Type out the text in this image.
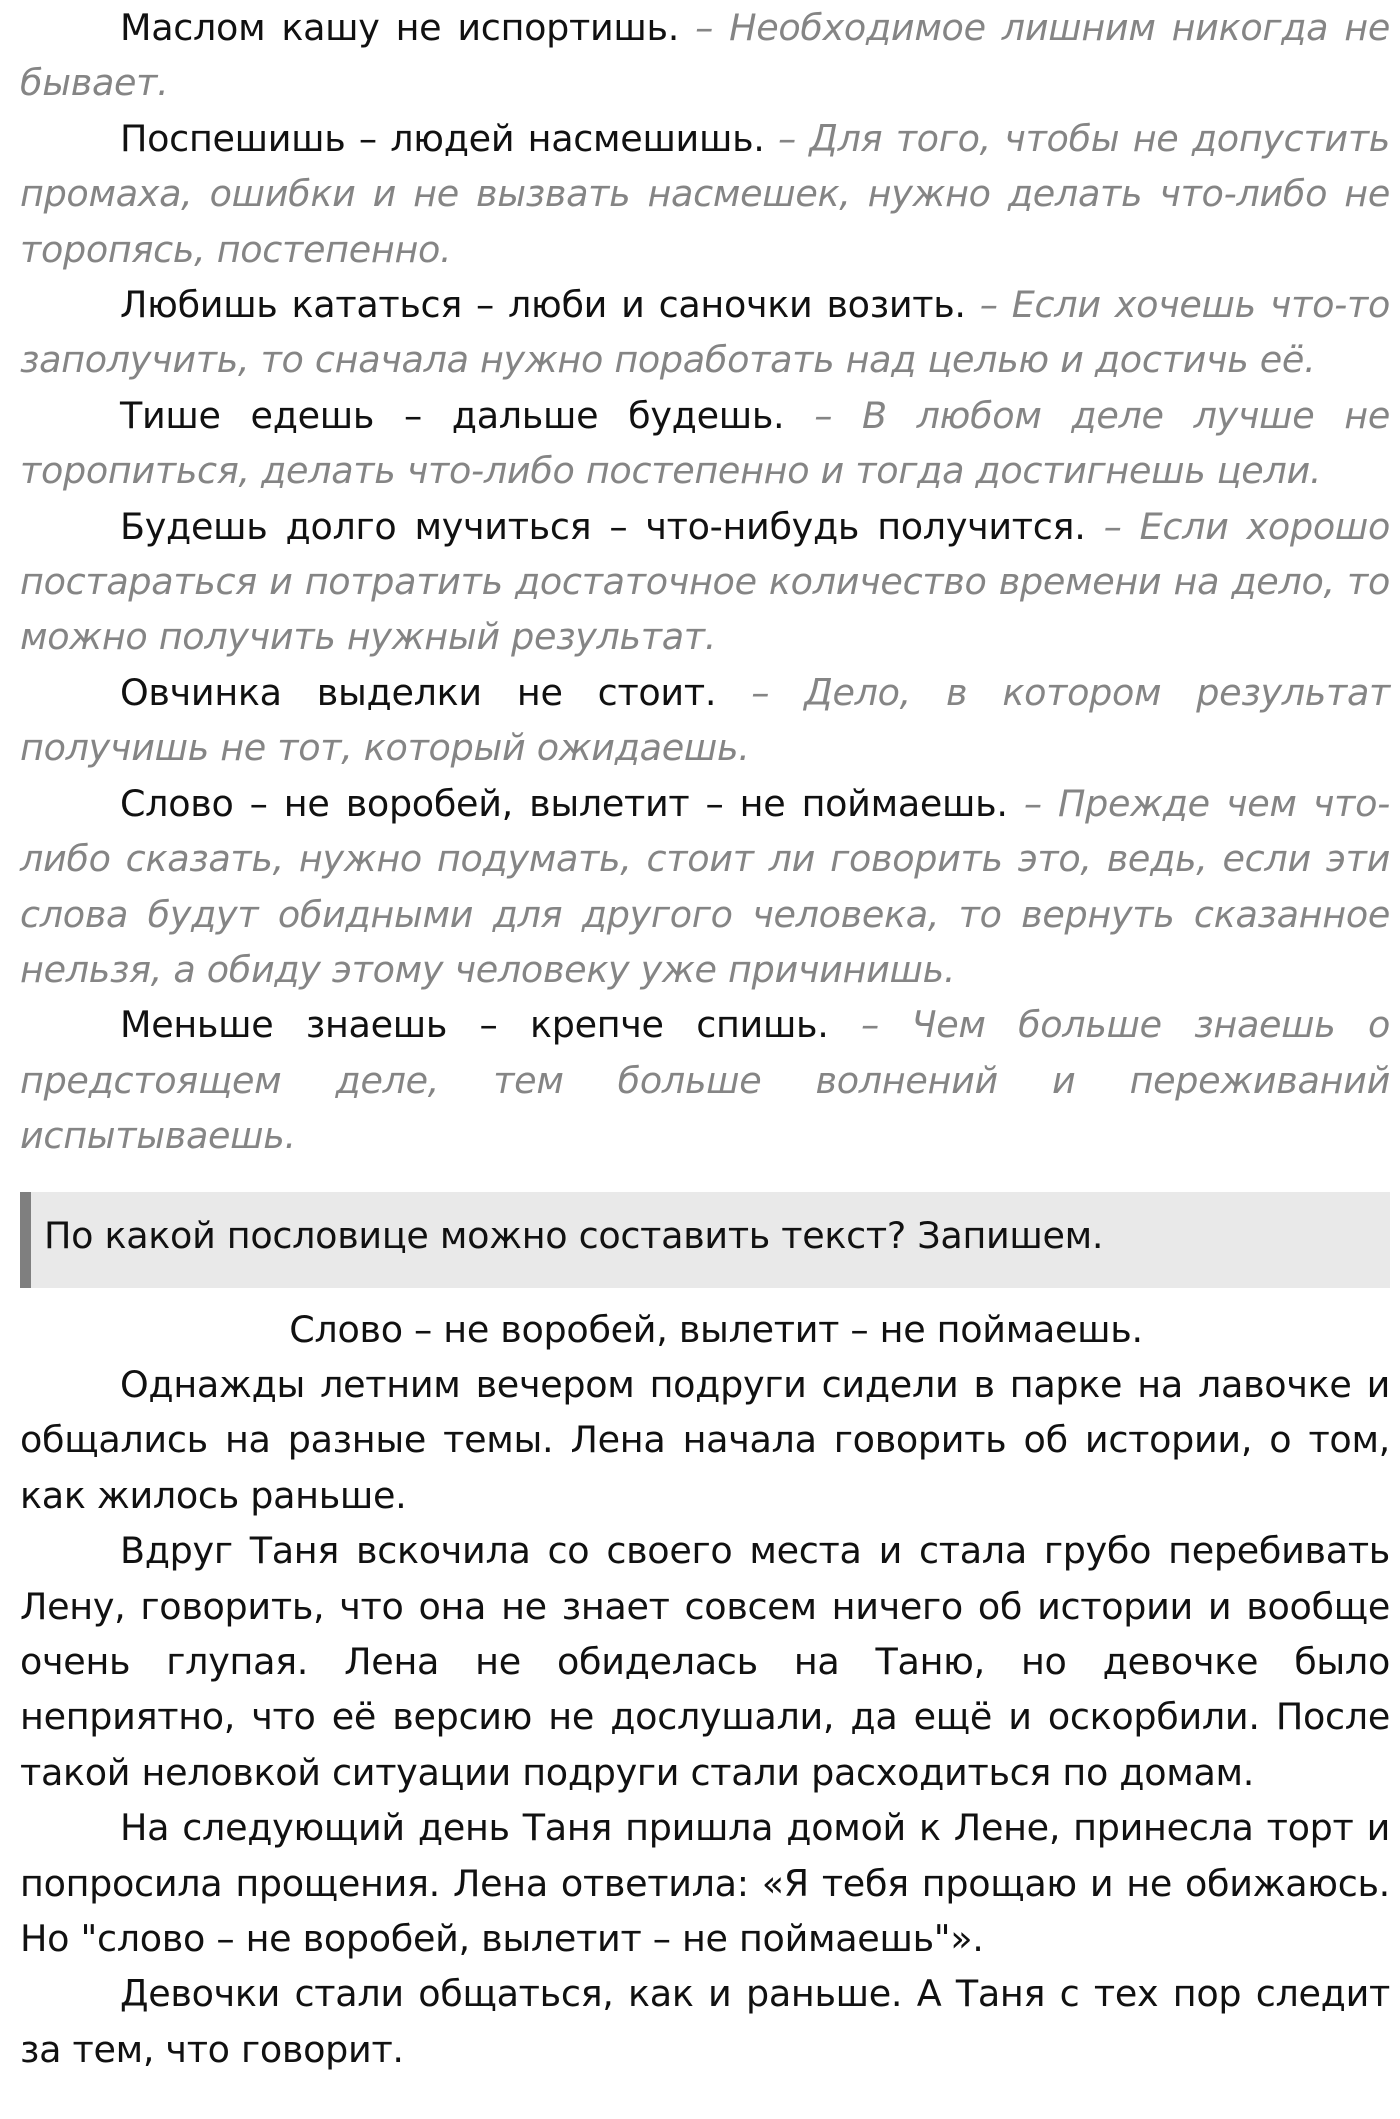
Маслом кашу не испортишь. – Необходимое лишним никогда не бывает.

Поспешишь – людей насмешишь. – Для того, чтобы не допустить промаха, ошибки и не вызвать насмешек, нужно делать что-либо не торопясь, постепенно.

Любишь кататься – люби и саночки возить. – Если хочешь что-то заполучить, то сначала нужно поработать над целью и достичь её.

Тише едешь – дальше будешь. – В любом деле лучше не торопиться, делать что-либо постепенно и тогда достигнешь цели.

Будешь долго мучиться – что-нибудь получится. – Если хорошо постараться и потратить достаточное количество времени на дело, то можно получить нужный результат.

Овчинка выделки не стоит. – Дело, в котором результат получишь не тот, который ожидаешь.

Слово – не воробей, вылетит – не поймаешь. – Прежде чем что-либо сказать, нужно подумать, стоит ли говорить это, ведь, если эти слова будут обидными для другого человека, то вернуть сказанное нельзя, а обиду этому человеку уже причинишь.

Меньше знаешь – крепче спишь. – Чем больше знаешь о предстоящем деле, тем больше волнений и переживаний испытываешь.

По какой пословице можно составить текст? Запишем.
Слово – не воробей, вылетит – не поймаешь.

Однажды летним вечером подруги сидели в парке на лавочке и общались на разные темы. Лена начала говорить об истории, о том, как жилось раньше.

Вдруг Таня вскочила со своего места и стала грубо перебивать Лену, говорить, что она не знает совсем ничего об истории и вообще очень глупая. Лена не обиделась на Таню, но девочке было неприятно, что её версию не дослушали, да ещё и оскорбили. После такой неловкой ситуации подруги стали расходиться по домам.

На следующий день Таня пришла домой к Лене, принесла торт и попросила прощения. Лена ответила: «Я тебя прощаю и не обижаюсь. Но "слово – не воробей, вылетит – не поймаешь"».

Девочки стали общаться, как и раньше. А Таня с тех пор следит за тем, что говорит.
